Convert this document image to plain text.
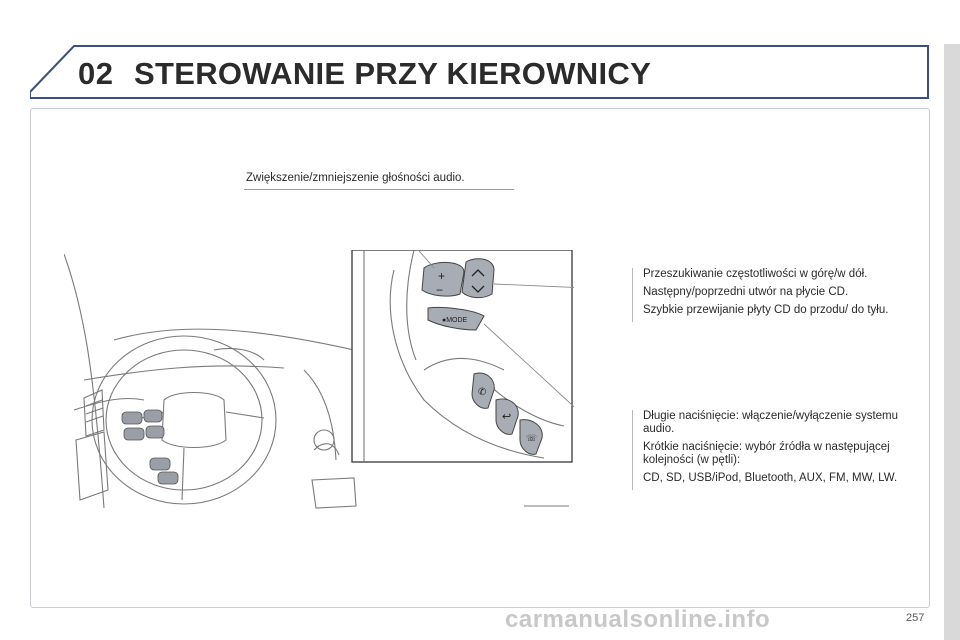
02 STEROWANIE PRZY KIEROWNICY
Zwiększenie/zmniejszenie głośności audio.
+
−
●MODE
✆
↩
☏

Przeszukiwanie częstotliwości w górę/w dół.

Następny/poprzedni utwór na płycie CD.

Szybkie przewijanie płyty CD do przodu/ do tyłu.

Długie naciśnięcie: włączenie/wyłączenie systemu audio.

Krótkie naciśnięcie: wybór źródła w następującej kolejności (w pętli):

CD, SD, USB/iPod, Bluetooth, AUX, FM, MW, LW.

257
carmanualsonline.info
